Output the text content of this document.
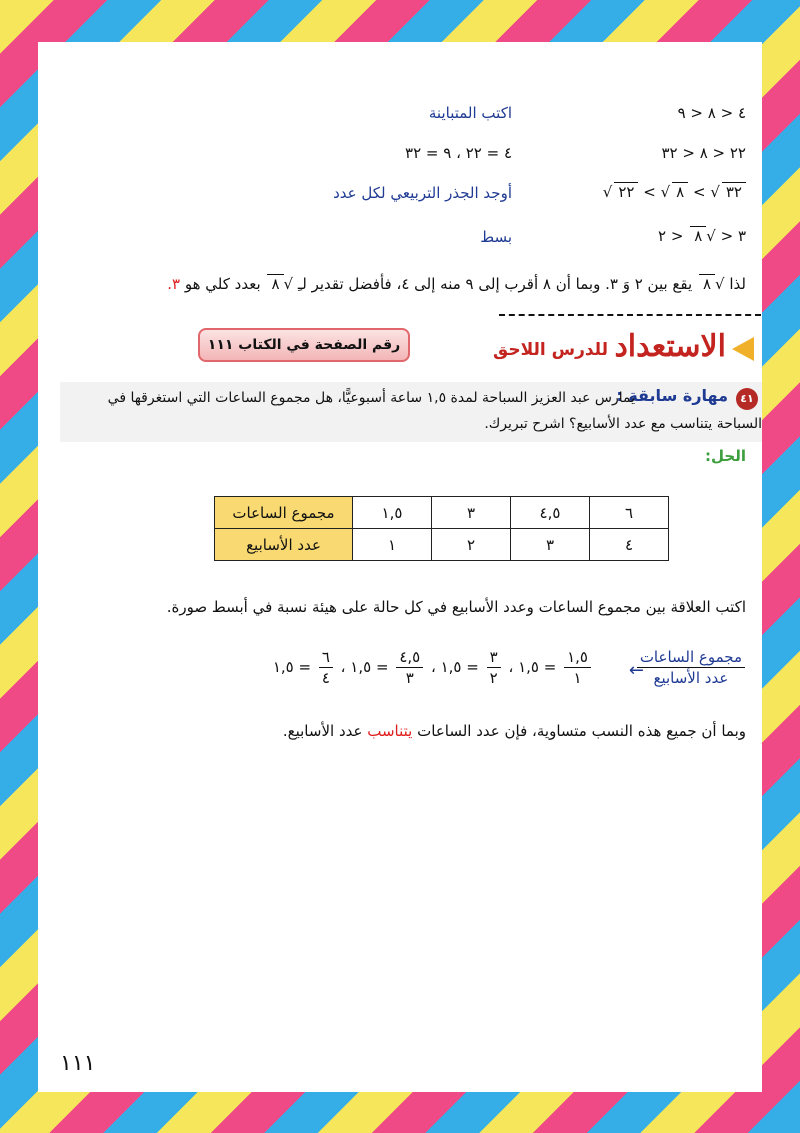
٤ < ٨ < ٩
اكتب المتباينة
٢٢ < ٨ < ٣٢
٤ = ٢٢ ، ٩ = ٣٢
√ ٢٢ < √ ٨ < √ ٣٢
أوجد الجذر التربيعي لكل عدد
٣ < √٨ < ٢
بسط
لذا √٨ يقع بين ٢ وَ ٣. وبما أن ٨ أقرب إلى ٩ منه إلى ٤، فأفضل تقدير لـِ √٨ بعدد كلي هو ٣.
الاستعداد
للدرس اللاحق
رقم الصفحة في الكتاب ١١١
٤١
مهارة سابقة :
يمارس عبد العزيز السباحة لمدة ١,٥ ساعة أسبوعيًّا، هل مجموع الساعات التي استغرقها في
السباحة يتناسب مع عدد الأسابيع؟ اشرح تبريرك.
الحل:
٦	٤,٥	٣	١,٥	مجموع الساعات
٤	٣	٢	١	عدد الأسابيع
اكتب العلاقة بين مجموع الساعات وعدد الأسابيع في كل حالة على هيئة نسبة في أبسط صورة.
$\frac{\text{مجموع الساعات}}{\text{عدد الأسابيع}}$
←
$\frac{١,٥}{١}$
= ١,٥ ،
$\frac{٣}{٢}$
= ١,٥ ،
$\frac{٤,٥}{٣}$
= ١,٥ ،
$\frac{٦}{٤}$
= ١,٥
وبما أن جميع هذه النسب متساوية، فإن عدد الساعات يتناسب عدد الأسابيع.
١١١
